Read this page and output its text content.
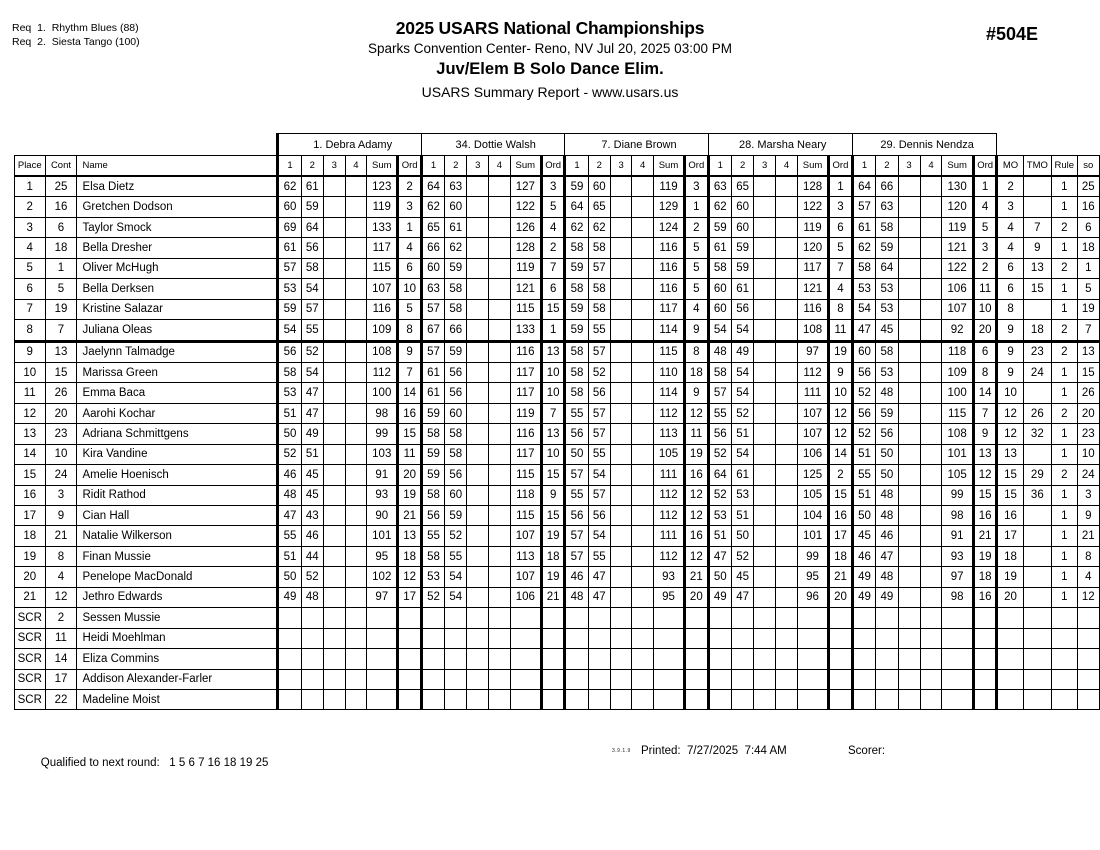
Req  1.  Rhythm Blues (88)
Req  2.  Siesta Tango (100)
2025 USARS National Championships
Sparks Convention Center- Reno, NV Jul 20, 2025 03:00 PM
Juv/Elem B Solo Dance Elim.
USARS Summary Report - www.usars.us
#504E
			1. Debra Adamy						34. Dottie Walsh						7. Diane Brown						28. Marsha Neary						29. Dennis Nendza									
Place	Cont	Name	1	2	3	4	Sum	Ord	1	2	3	4	Sum	Ord	1	2	3	4	Sum	Ord	1	2	3	4	Sum	Ord	1	2	3	4	Sum	Ord	MO	TMO	Rule	so
1	25	Elsa Dietz	62	61			123	2	64	63			127	3	59	60			119	3	63	65			128	1	64	66			130	1	2		1	25
2	16	Gretchen Dodson	60	59			119	3	62	60			122	5	64	65			129	1	62	60			122	3	57	63			120	4	3		1	16
3	6	Taylor Smock	69	64			133	1	65	61			126	4	62	62			124	2	59	60			119	6	61	58			119	5	4	7	2	6
4	18	Bella Dresher	61	56			117	4	66	62			128	2	58	58			116	5	61	59			120	5	62	59			121	3	4	9	1	18
5	1	Oliver McHugh	57	58			115	6	60	59			119	7	59	57			116	5	58	59			117	7	58	64			122	2	6	13	2	1
6	5	Bella Derksen	53	54			107	10	63	58			121	6	58	58			116	5	60	61			121	4	53	53			106	11	6	15	1	5
7	19	Kristine Salazar	59	57			116	5	57	58			115	15	59	58			117	4	60	56			116	8	54	53			107	10	8		1	19
8	7	Juliana Oleas	54	55			109	8	67	66			133	1	59	55			114	9	54	54			108	11	47	45			92	20	9	18	2	7
9	13	Jaelynn Talmadge	56	52			108	9	57	59			116	13	58	57			115	8	48	49			97	19	60	58			118	6	9	23	2	13
10	15	Marissa Green	58	54			112	7	61	56			117	10	58	52			110	18	58	54			112	9	56	53			109	8	9	24	1	15
11	26	Emma Baca	53	47			100	14	61	56			117	10	58	56			114	9	57	54			111	10	52	48			100	14	10		1	26
12	20	Aarohi Kochar	51	47			98	16	59	60			119	7	55	57			112	12	55	52			107	12	56	59			115	7	12	26	2	20
13	23	Adriana Schmittgens	50	49			99	15	58	58			116	13	56	57			113	11	56	51			107	12	52	56			108	9	12	32	1	23
14	10	Kira Vandine	52	51			103	11	59	58			117	10	50	55			105	19	52	54			106	14	51	50			101	13	13		1	10
15	24	Amelie Hoenisch	46	45			91	20	59	56			115	15	57	54			111	16	64	61			125	2	55	50			105	12	15	29	2	24
16	3	Ridit Rathod	48	45			93	19	58	60			118	9	55	57			112	12	52	53			105	15	51	48			99	15	15	36	1	3
17	9	Cian Hall	47	43			90	21	56	59			115	15	56	56			112	12	53	51			104	16	50	48			98	16	16		1	9
18	21	Natalie Wilkerson	55	46			101	13	55	52			107	19	57	54			111	16	51	50			101	17	45	46			91	21	17		1	21
19	8	Finan Mussie	51	44			95	18	58	55			113	18	57	55			112	12	47	52			99	18	46	47			93	19	18		1	8
20	4	Penelope MacDonald	50	52			102	12	53	54			107	19	46	47			93	21	50	45			95	21	49	48			97	18	19		1	4
21	12	Jethro Edwards	49	48			97	17	52	54			106	21	48	47			95	20	49	47			96	20	49	49			98	16	20		1	12
SCR	2	Sessen Mussie																																		
SCR	11	Heidi Moehlman																																		
SCR	14	Eliza Commins																																		
SCR	17	Addison Alexander-Farler																																		
SCR	22	Madeline Moist																																		

Qualified to next round: 1 5 6 7 16 18 19 25

3.9.1.9 Printed:  7/27/2025  7:44 AM	Scorer:
